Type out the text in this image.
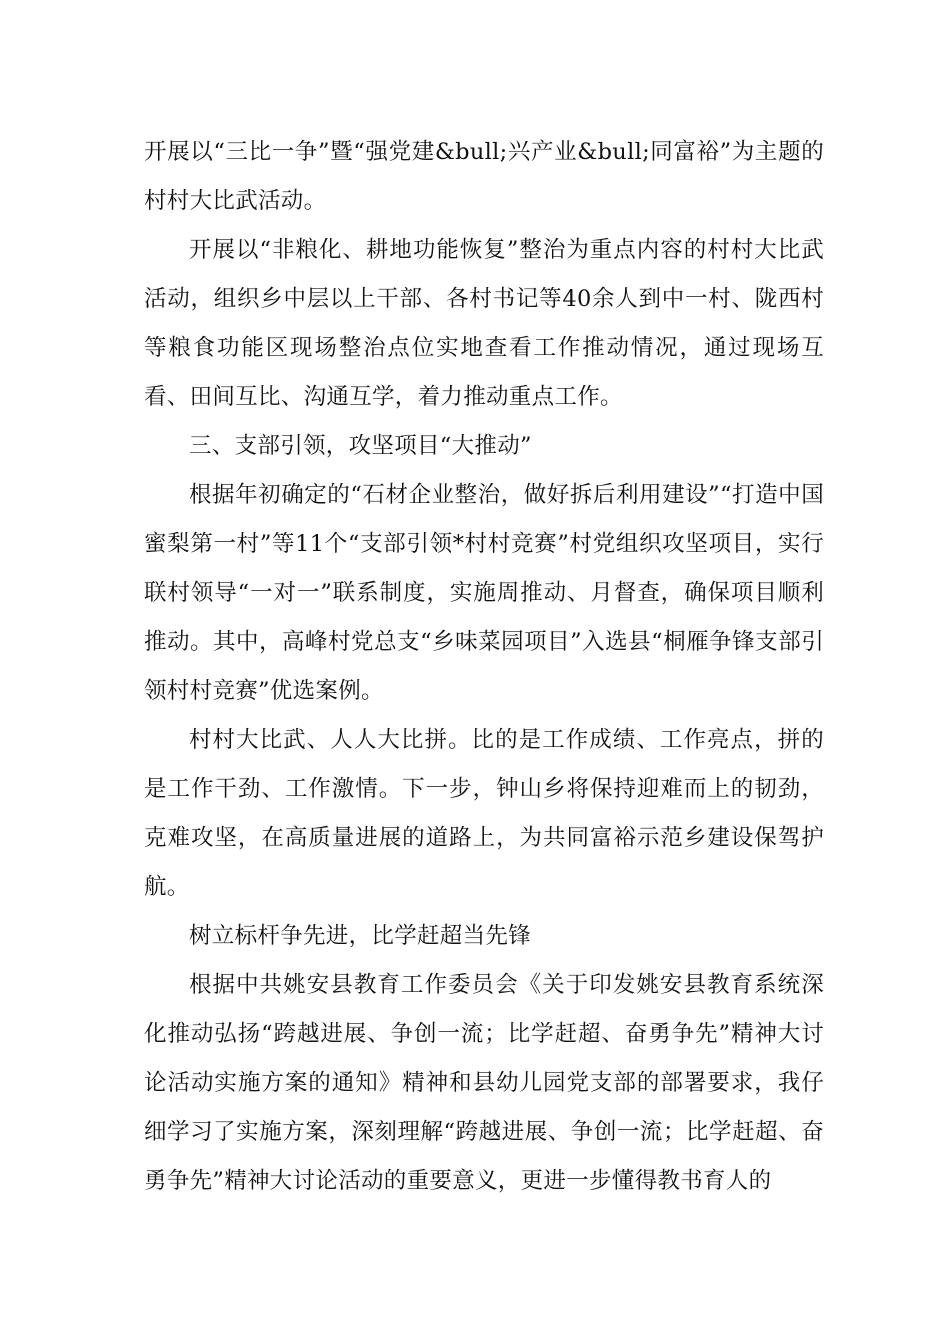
开展以“三比一争”暨“强党建&bull;兴产业&bull;同富裕”为主题的村村大比武活动。

开展以“非粮化、耕地功能恢复”整治为重点内容的村村大比武活动，组织乡中层以上干部、各村书记等40余人到中一村、陇西村等粮食功能区现场整治点位实地查看工作推动情况，通过现场互看、田间互比、沟通互学，着力推动重点工作。

三、支部引领，攻坚项目“大推动”

根据年初确定的“石材企业整治，做好拆后利用建设”“打造中国蜜梨第一村”等11个“支部引领*村村竞赛”村党组织攻坚项目，实行联村领导“一对一”联系制度，实施周推动、月督查，确保项目顺利推动。其中，高峰村党总支“乡味菜园项目”入选县“桐雁争锋支部引领村村竞赛”优选案例。

村村大比武、人人大比拼。比的是工作成绩、工作亮点，拼的是工作干劲、工作激情。下一步，钟山乡将保持迎难而上的韧劲，克难攻坚，在高质量进展的道路上，为共同富裕示范乡建设保驾护航。

树立标杆争先进，比学赶超当先锋

根据中共姚安县教育工作委员会《关于印发姚安县教育系统深化推动弘扬“跨越进展、争创一流；比学赶超、奋勇争先”精神大讨论活动实施方案的通知》精神和县幼儿园党支部的部署要求，我仔细学习了实施方案，深刻理解“跨越进展、争创一流；比学赶超、奋勇争先”精神大讨论活动的重要意义，更进一步懂得教书育人的
